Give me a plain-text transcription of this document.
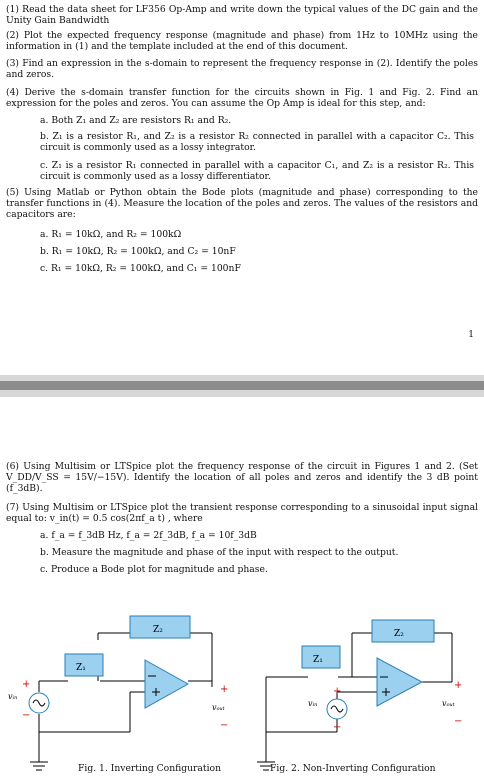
(1) Read the data sheet for LF356 Op-Amp and write down the typical values of the DC gain and the Unity Gain Bandwidth
(2) Plot the expected frequency response (magnitude and phase) from 1Hz to 10MHz using the information in (1) and the template included at the end of this document.
(3) Find an expression in the s-domain to represent the frequency response in (2). Identify the poles and zeros.
(4) Derive the s-domain transfer function for the circuits shown in Fig. 1 and Fig. 2. Find an expression for the poles and zeros. You can assume the Op Amp is ideal for this step, and:
a. Both Z₁ and Z₂ are resistors R₁ and R₂.
b. Z₁ is a resistor R₁, and Z₂ is a resistor R₂ connected in parallel with a capacitor C₂. This circuit is commonly used as a lossy integrator.
c. Z₁ is a resistor R₁ connected in parallel with a capacitor C₁, and Z₂ is a resistor R₂. This circuit is commonly used as a lossy differentiator.
(5) Using Matlab or Python obtain the Bode plots (magnitude and phase) corresponding to the transfer functions in (4). Measure the location of the poles and zeros. The values of the resistors and capacitors are:
a. R₁ = 10kΩ, and R₂ = 100kΩ
b. R₁ = 10kΩ, R₂ = 100kΩ, and C₂ = 10nF
c. R₁ = 10kΩ, R₂ = 100kΩ, and C₁ = 100nF
1
(6) Using Multisim or LTSpice plot the frequency response of the circuit in Figures 1 and 2. (Set V_DD/V_SS = 15V/−15V). Identify the location of all poles and zeros and identify the 3 dB point (f_3dB).
(7) Using Multisim or LTSpice plot the transient response corresponding to a sinusoidal input signal equal to: v_in(t) = 0.5 cos(2πf_a t) , where
a. f_a = f_3dB Hz, f_a = 2f_3dB, f_a = 10f_3dB
b. Measure the magnitude and phase of the input with respect to the output.
c. Produce a Bode plot for magnitude and phase.
Z₂
Z₁
vᵢₙ
+
−
+
vₒᵤₜ
−
Z₂
Z₁
vᵢₙ
+
−
+
vₒᵤₜ
−
Fig. 1. Inverting Configuration	Fig. 2. Non-Inverting Configuration
